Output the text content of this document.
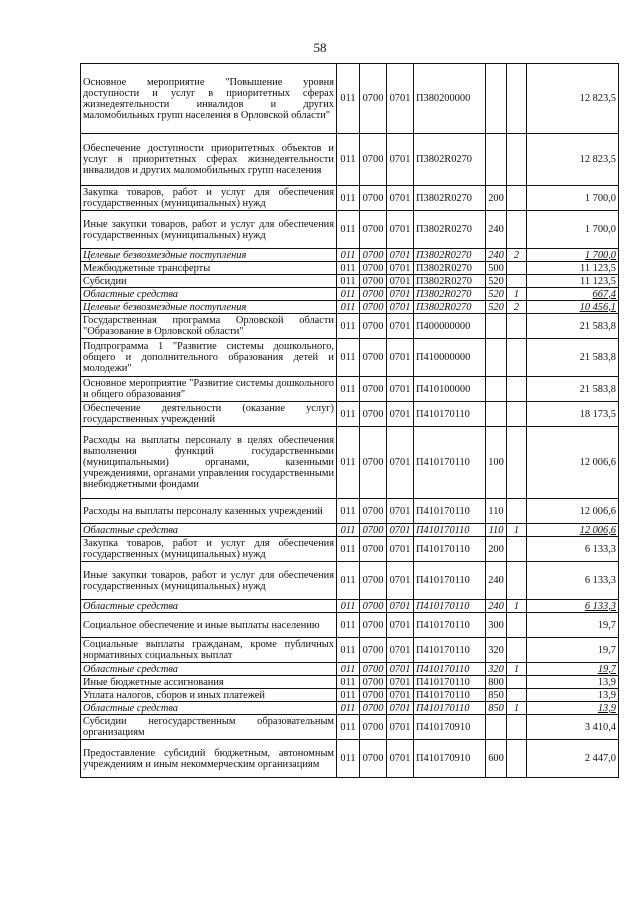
58
Основное мероприятие "Повышение уровня доступности и услуг в приоритетных сферах жизнедеятельности инвалидов и других маломобильных групп населения в Орловской области"	011	0700	0701	П380200000			12 823,5
Обеспечение доступности приоритетных объектов и услуг в приоритетных сферах жизнедеятельности инвалидов и других маломобильных групп населения	011	0700	0701	П3802R0270			12 823,5
Закупка товаров, работ и услуг для обеспечения государственных (муниципальных) нужд	011	0700	0701	П3802R0270	200		1 700,0
Иные закупки товаров, работ и услуг для обеспечения государственных (муниципальных) нужд	011	0700	0701	П3802R0270	240		1 700,0
Целевые безвозмездные поступления	011	0700	0701	П3802R0270	240	2	1 700,0
Межбюджетные трансферты	011	0700	0701	П3802R0270	500		11 123,5
Субсидии	011	0700	0701	П3802R0270	520		11 123,5
Областные средства	011	0700	0701	П3802R0270	520	1	667,4
Целевые безвозмездные поступления	011	0700	0701	П3802R0270	520	2	10 456,1
Государственная программа Орловской области "Образование в Орловской области"	011	0700	0701	П400000000			21 583,8
Подпрограмма 1 "Развитие системы дошкольного, общего и дополнительного образования детей и молодежи"	011	0700	0701	П410000000			21 583,8
Основное мероприятие "Развитие системы дошкольного и общего образования"	011	0700	0701	П410100000			21 583,8
Обеспечение деятельности (оказание услуг) государственных учреждений	011	0700	0701	П410170110			18 173,5
Расходы на выплаты персоналу в целях обеспечения выполнения функций государственными (муниципальными) органами, казенными учреждениями, органами управления государственными внебюджетными фондами	011	0700	0701	П410170110	100		12 006,6
Расходы на выплаты персоналу казенных учреждений	011	0700	0701	П410170110	110		12 006,6
Областные средства	011	0700	0701	П410170110	110	1	12 006,6
Закупка товаров, работ и услуг для обеспечения государственных (муниципальных) нужд	011	0700	0701	П410170110	200		6 133,3
Иные закупки товаров, работ и услуг для обеспечения государственных (муниципальных) нужд	011	0700	0701	П410170110	240		6 133,3
Областные средства	011	0700	0701	П410170110	240	1	6 133,3
Социальное обеспечение и иные выплаты населению	011	0700	0701	П410170110	300		19,7
Социальные выплаты гражданам, кроме публичных нормативных социальных выплат	011	0700	0701	П410170110	320		19,7
Областные средства	011	0700	0701	П410170110	320	1	19,7
Иные бюджетные ассигнования	011	0700	0701	П410170110	800		13,9
Уплата налогов, сборов и иных платежей	011	0700	0701	П410170110	850		13,9
Областные средства	011	0700	0701	П410170110	850	1	13,9
Субсидии негосударственным образовательным организациям	011	0700	0701	П410170910			3 410,4
Предоставление субсидий бюджетным, автономным учреждениям и иным некоммерческим организациям	011	0700	0701	П410170910	600		2 447,0
